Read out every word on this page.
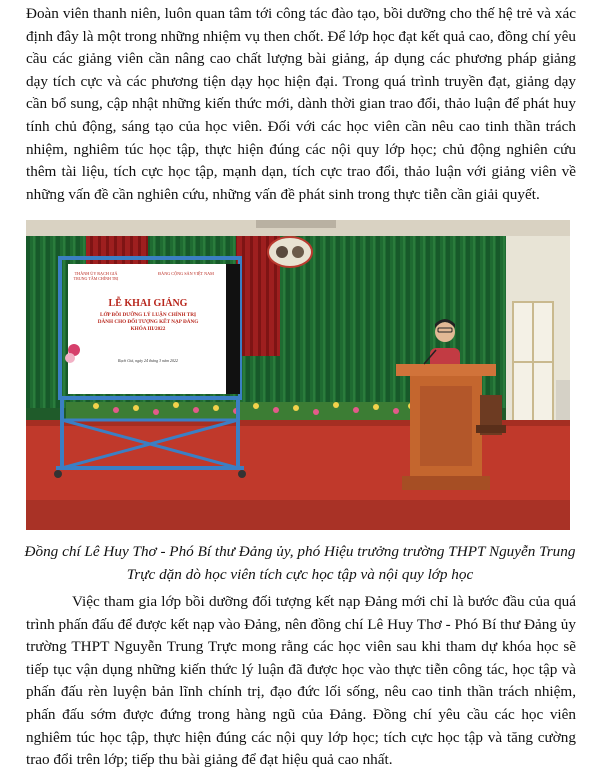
Đoàn viên thanh niên, luôn quan tâm tới công tác đào tạo, bồi dưỡng cho thế hệ trẻ và xác định đây là một trong những nhiệm vụ then chốt. Để lớp học đạt kết quả cao, đồng chí yêu cầu các giảng viên cần nâng cao chất lượng bài giảng, áp dụng các phương pháp giảng dạy tích cực và các phương tiện dạy học hiện đại. Trong quá trình truyền đạt, giảng dạy cần bổ sung, cập nhật những kiến thức mới, dành thời gian trao đổi, thảo luận để phát huy tính chủ động, sáng tạo của học viên. Đối với các học viên cần nêu cao tinh thần trách nhiệm, nghiêm túc học tập, thực hiện đúng các nội quy lớp học; chủ động nghiên cứu thêm tài liệu, tích cực học tập, mạnh dạn, tích cực trao đổi, thảo luận với giảng viên về những vấn đề cần nghiên cứu, những vấn đề phát sinh trong thực tiễn cần giải quyết.

THÀNH ỦY RẠCH GIÁ
TRUNG TÂM CHÍNH TRỊ
ĐẢNG CỘNG SẢN VIỆT NAM
LỄ KHAI GIẢNG
LỚP BỒI DƯỠNG LÝ LUẬN CHÍNH TRỊ
DÀNH CHO ĐỐI TƯỢNG KẾT NẠP ĐẢNG
KHÓA III/2022
Rạch Giá, ngày 24 tháng 3 năm 2022

Đồng chí Lê Huy Thơ - Phó Bí thư Đảng ủy, phó Hiệu trưởng trường THPT Nguyễn Trung Trực dặn dò học viên tích cực học tập và nội quy lớp học

Việc tham gia lớp bồi dưỡng đối tượng kết nạp Đảng mới chỉ là bước đầu của quá trình phấn đấu để được kết nạp vào Đảng, nên đồng chí Lê Huy Thơ - Phó Bí thư Đảng ủy trường THPT Nguyễn Trung Trực mong rằng các học viên sau khi tham dự khóa học sẽ tiếp tục vận dụng những kiến thức lý luận đã được học vào thực tiễn công tác, học tập và phấn đấu rèn luyện bản lĩnh chính trị, đạo đức lối sống, nêu cao tinh thần trách nhiệm, phấn đấu sớm được đứng trong hàng ngũ của Đảng. Đồng chí yêu cầu các học viên nghiêm túc học tập, thực hiện đúng các nội quy lớp học; tích cực học tập và tăng cường trao đổi trên lớp; tiếp thu bài giảng để đạt hiệu quả cao nhất.
